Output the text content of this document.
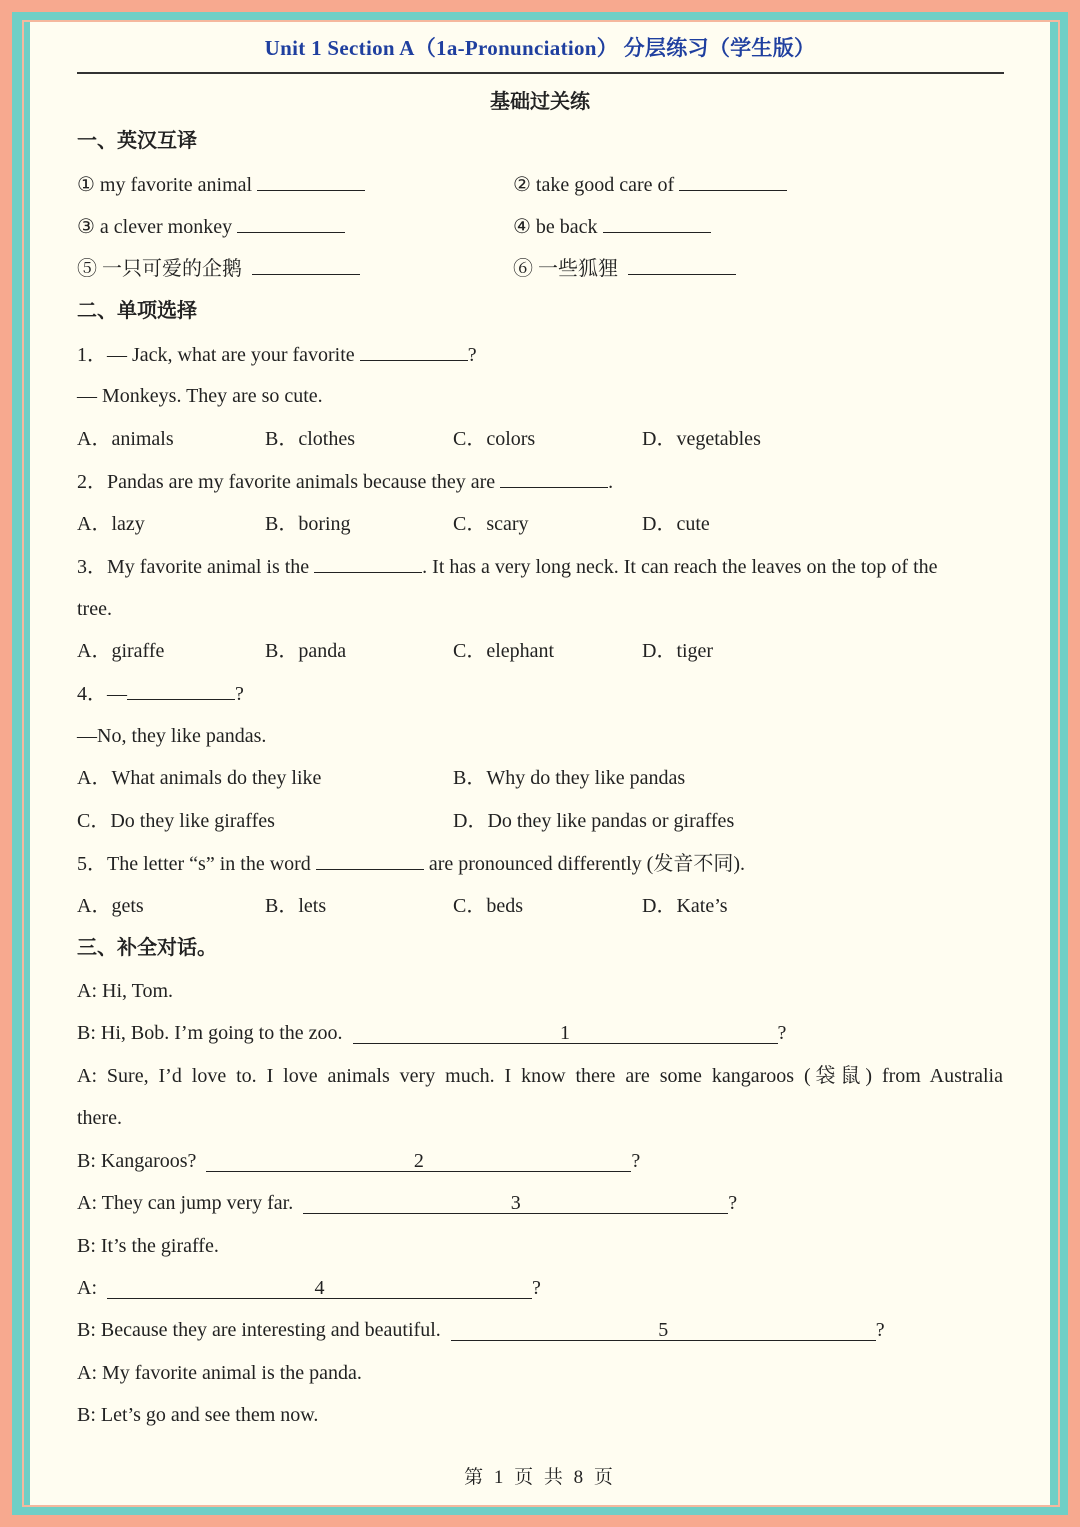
Unit 1 Section A（1a-Pronunciation） 分层练习（学生版）
基础过关练
一、英汉互译
① my favorite animal	② take good care of
③ a clever monkey	④ be back
⑤ 一只可爱的企鹅	⑥ 一些狐狸
二、单项选择
1．— Jack, what are your favorite	?
— Monkeys. They are so cute.
A．animals	B．clothes	C．colors	D．vegetables
2．Pandas are my favorite animals because they are	.
A．lazy	B．boring	C．scary	D．cute
3．My favorite animal is the	. It has a very long neck. It can reach the leaves on the top of the
tree.
A．giraffe	B．panda	C．elephant	D．tiger
4．—	?
—No, they like pandas.
A．What animals do they like	B．Why do they like pandas
C．Do they like giraffes	D．Do they like pandas or giraffes
5．The letter “s” in the word	are pronounced differently (发音不同).
A．gets	B．lets	C．beds	D．Kate’s
三、补全对话。
A: Hi, Tom.
B: Hi, Bob. I’m going to the zoo.	1	?
A: Sure, I’d love to. I love animals very much. I know there are some kangaroos (袋鼠) from Australia
there.
B: Kangaroos?	2	?
A: They can jump very far.	3	?
B: It’s the giraffe.
A:	4	?
B: Because they are interesting and beautiful.	5	?
A: My favorite animal is the panda.
B: Let’s go and see them now.
第 1 页 共 8 页
